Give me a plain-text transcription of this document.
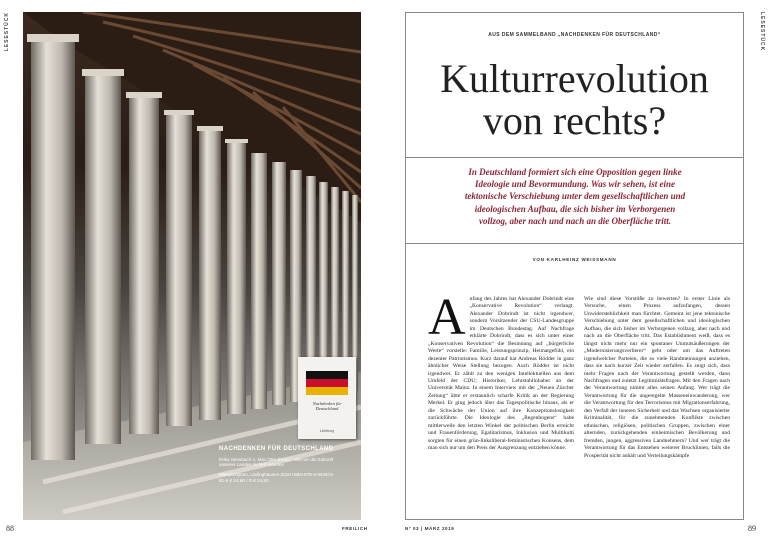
LESESTÜCK	LESESTÜCK
Nachdenken für Deutschland
Lichtburg
NACHDENKEN FÜR DEUTSCHLAND
Erika Steinbach u. Max Otte (Hrsg.): Wie wir die Zukunft unseres Landes sichern können
Manuscriptum, Lüdinghausen 2018 ISBN 978-3-944872-81-6 € 24,80 / D € 24,80
88	FREILICH
AUS DEM SAMMELBAND „NACHDENKEN FÜR DEUTSCHLAND“
Kulturrevolution
von rechts?
In Deutschland formiert sich eine Opposition gegen linke Ideologie und Bevormundung. Was wir sehen, ist eine tektonische Verschiebung unter dem gesellschaftlichen und ideologischen Aufbau, die sich bisher im Verborgenen vollzog, aber nach und nach an die Oberfläche tritt.
VON KARLHEINZ WEISSMANN
Anfang des Jahres hat Alexander Dobrindt eine „Konservative Revolution“ verlangt. Alexander Dobrindt ist nicht irgendwer, sondern Vorsitzender der CSU-Landesgruppe im Deutschen Bundestag. Auf Nachfrage erklärte Dobrindt, dass es sich unter einer „Konservativen Revolution“ die Besinnung auf „bürgerliche Werte“ vorstelle: Familie, Leistungsprinzip, Heimatgefühl, ein dezenter Patriotismus. Kurz darauf hat Andreas Rödder in ganz ähnlicher Weise Stellung bezogen. Auch Rödder ist nicht irgendwer. Er zählt zu den wenigen Intellektuellen aus dem Umfeld der CDU; Historiker, Lehrstuhlinhaber an der Universität Mainz. In einem Interview mit der „Neuen Zürcher Zeitung“ übte er erstaunlich scharfe Kritik an der Regierung Merkel. Er ging jedoch über das Tagespolitische hinaus, als er die Schwäche der Union auf ihre Konzeptionslosigkeit zurückführte. Die Ideologie des „Regenbogens“ habe mittlerweile den letzten Winkel der politischen Berlin erreicht und Frauenförderung, Egalitarismus, Inklusion und Multikulti sorgten für einen grün-linksliberal-feministischen Konsens, dem man sich nur um den Preis der Ausgrenzung entziehen könne.
Wie sind diese Vorstöße zu bewerten? In erster Linie als Versuche, einen Prozess aufzufangen, dessen Unwiderstehlichkeit man fürchtet. Gemeint ist jene tektonische Verschiebung unter dem gesellschaftlichen und ideologischen Aufbau, die sich bisher im Verborgenen vollzog, aber nach und nach an die Oberfläche tritt. Das Establishment weiß, dass es längst nicht mehr nur ein spontaner Unmutsäußerungen der „Modernisierungsverlierer“ geht oder um das Auftreten irgendwelcher Parteien, die so viele Randmeinungen anziehen, dass sie nach kurzer Zeit wieder zerfallen. Es zeigt sich, dass mehr Fragen nach der Verantwortung gestellt werden, dann Nachfragen und zuletzt Legitimitätsfragen. Mit den Fragen nach der Verantwortung nimmt alles seinen Anfang. Wer trägt die Verantwortung für die ungeregelte Masseneinwanderung, wer die Verantwortung für den Terrorismus mit Migrationserfahrung, den Verfall der inneren Sicherheit und das Wachsen organisierter Kriminalität, für die zunehmenden Konflikte zwischen ethnischen, religiösen, politischen Gruppen, zwischen einer alternden, zurückgehenden einheimischen Bevölkerung und fremden, jungen, aggressiven Landnehmern? Und wer trägt die Verantwortung für das Entstehen weiterer Bruchlinien, falls die Prosperität nicht anhält und Verteilungskämpfe
Nº 03 | MÄRZ 2019	89
